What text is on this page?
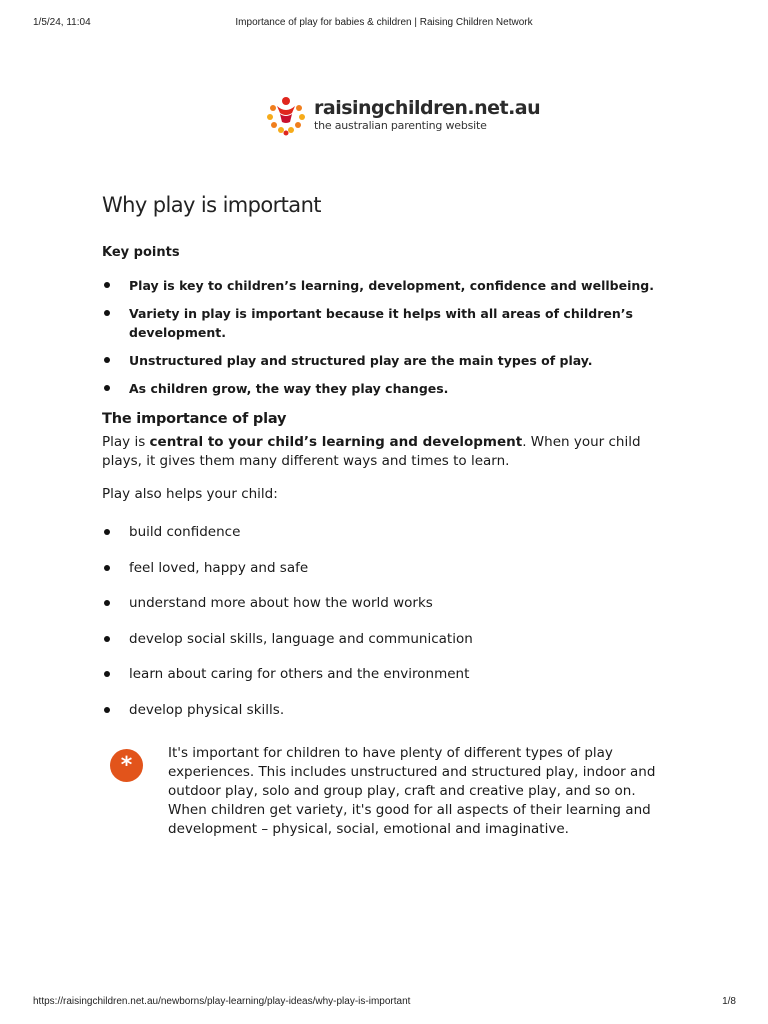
1/5/24, 11:04	Importance of play for babies & children | Raising Children Network
raisingchildren.net.au
the australian parenting website
Why play is important
Key points
Play is key to children’s learning, development, confidence and wellbeing.
Variety in play is important because it helps with all areas of children’s development.
Unstructured play and structured play are the main types of play.
As children grow, the way they play changes.
The importance of play

Play is central to your child’s learning and development. When your child plays, it gives them many different ways and times to learn.

Play also helps your child:

build confidence
feel loved, happy and safe
understand more about how the world works
develop social skills, language and communication
learn about caring for others and the environment
develop physical skills.
*	It's important for children to have plenty of different types of play experiences. This includes unstructured and structured play, indoor and outdoor play, solo and group play, craft and creative play, and so on. When children get variety, it's good for all aspects of their learning and development – physical, social, emotional and imaginative.
https://raisingchildren.net.au/newborns/play-learning/play-ideas/why-play-is-important	1/8
